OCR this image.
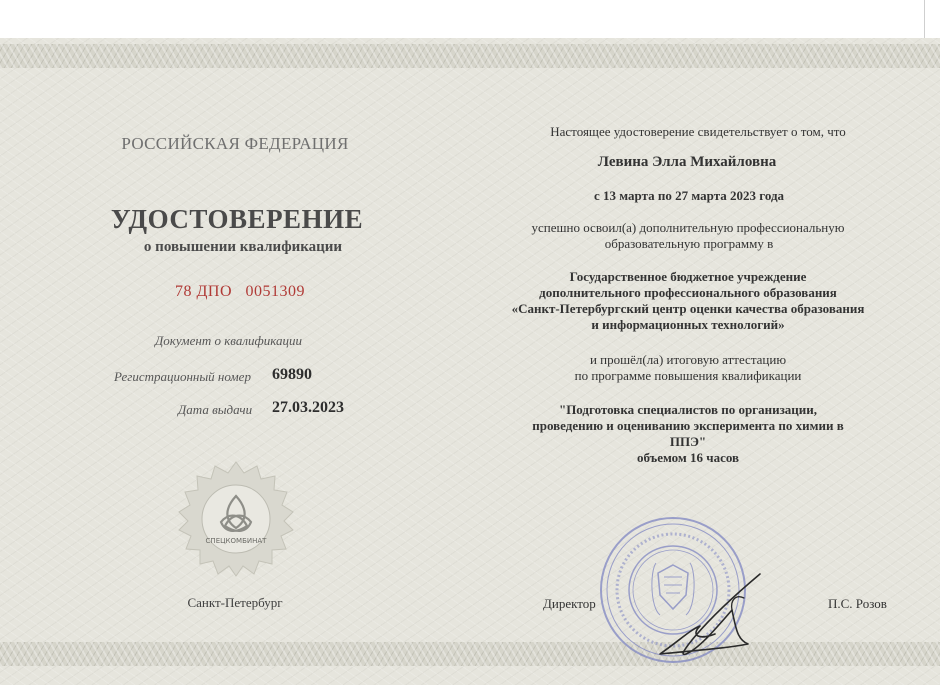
РОССИЙСКАЯ ФЕДЕРАЦИЯ
УДОСТОВЕРЕНИЕ
о повышении квалификации
78 ДПО   0051309
Документ о квалификации
Регистрационный номер 69890
Дата выдачи 27.03.2023
СПЕЦКОМБИНАТ
Санкт-Петербург
Настоящее удостоверение свидетельствует о том, что
Левина Элла Михайловна
с 13 марта по 27 марта 2023 года
успешно освоил(а) дополнительную профессиональную
образовательную программу в
Государственное бюджетное учреждение
дополнительного профессионального образования
«Санкт-Петербургский центр оценки качества образования
и информационных технологий»
и прошёл(ла) итоговую аттестацию
по программе повышения квалификации
"Подготовка специалистов по организации,
проведению и оцениванию эксперимента по химии в
ППЭ"
объемом 16 часов
Директор	П.С. Розов
